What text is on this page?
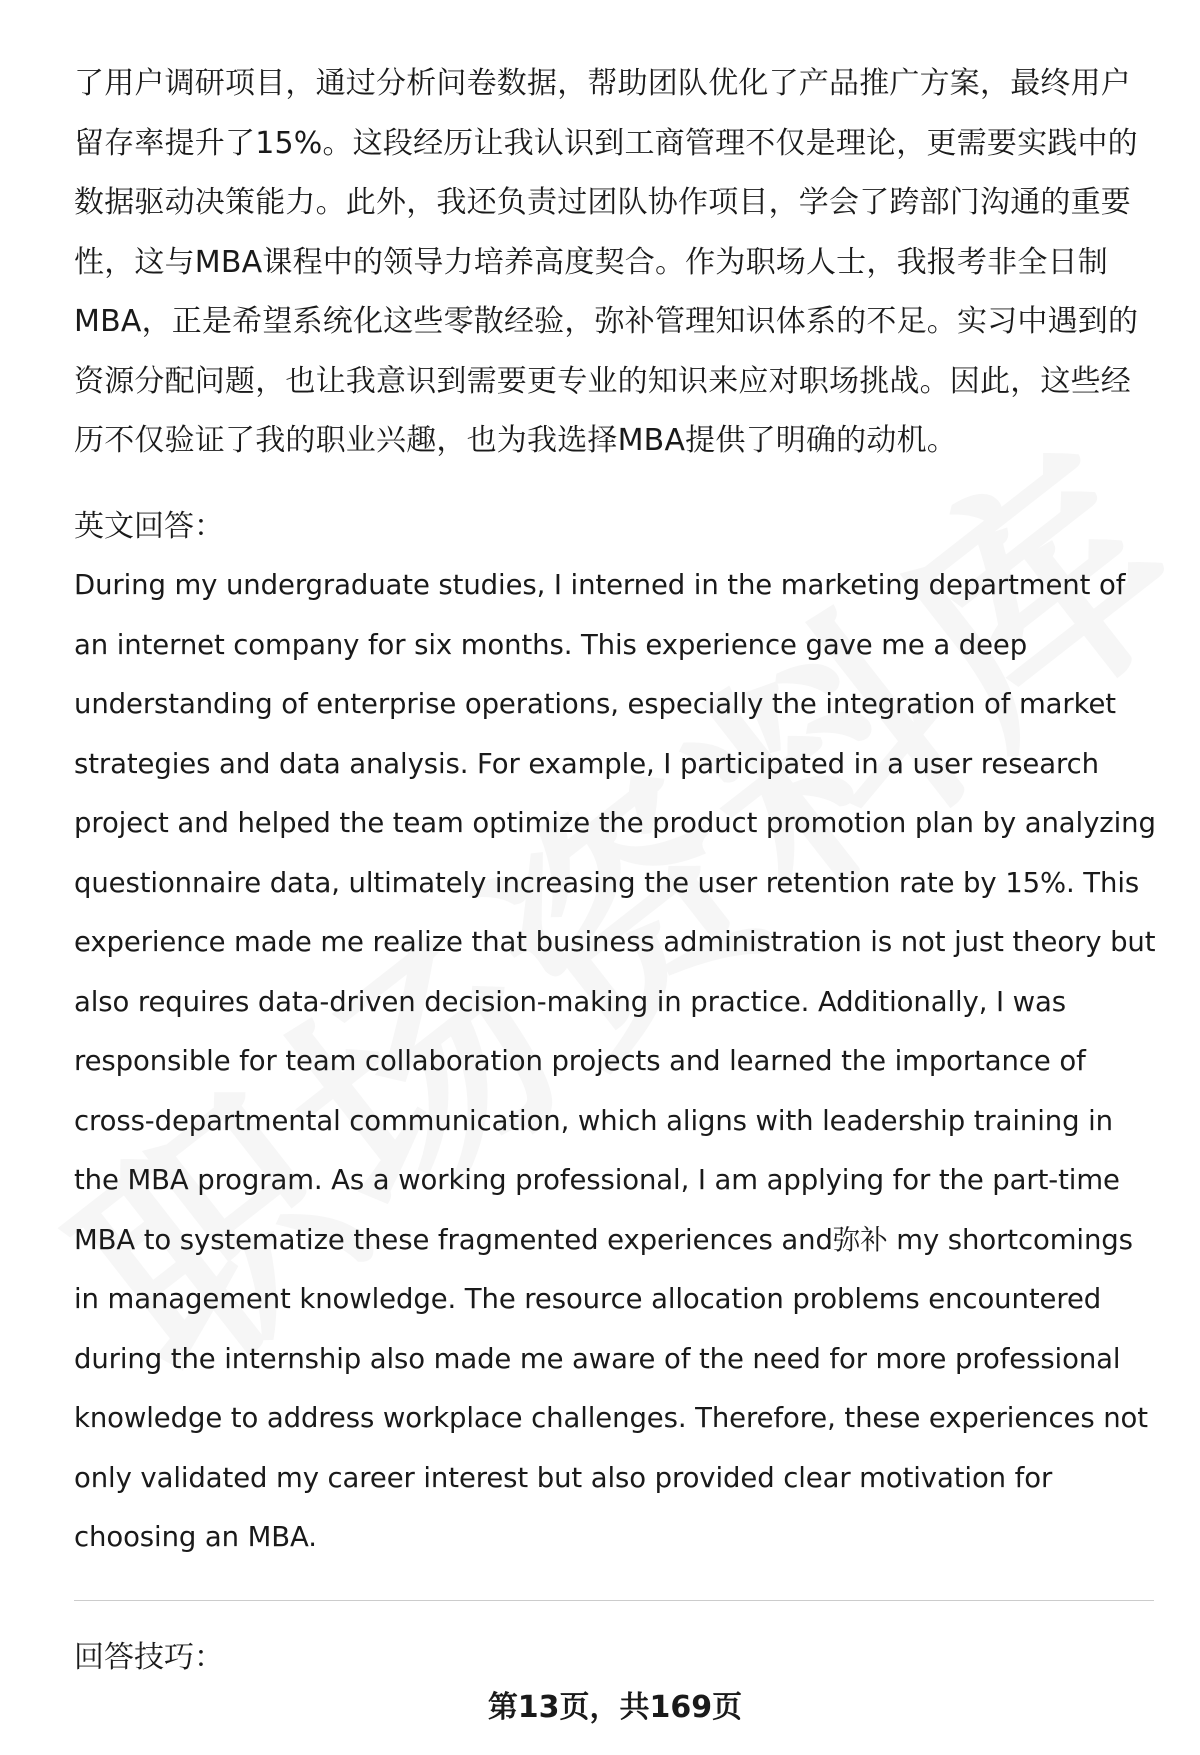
了用户调研项目，通过分析问卷数据，帮助团队优化了产品推广方案，最终用户留存率提升了15%。这段经历让我认识到工商管理不仅是理论，更需要实践中的数据驱动决策能力。此外，我还负责过团队协作项目，学会了跨部门沟通的重要性，这与MBA课程中的领导力培养高度契合。作为职场人士，我报考非全日制MBA，正是希望系统化这些零散经验，弥补管理知识体系的不足。实习中遇到的资源分配问题，也让我意识到需要更专业的知识来应对职场挑战。因此，这些经历不仅验证了我的职业兴趣，也为我选择MBA提供了明确的动机。

英文回答：

During my undergraduate studies, I interned in the marketing department of an internet company for six months. This experience gave me a deep understanding of enterprise operations, especially the integration of market strategies and data analysis. For example, I participated in a user research project and helped the team optimize the product promotion plan by analyzing questionnaire data, ultimately increasing the user retention rate by 15%. This experience made me realize that business administration is not just theory but also requires data-driven decision-making in practice. Additionally, I was responsible for team collaboration projects and learned the importance of cross-departmental communication, which aligns with leadership training in the MBA program. As a working professional, I am applying for the part-time MBA to systematize these fragmented experiences and弥补 my shortcomings in management knowledge. The resource allocation problems encountered during the internship also made me aware of the need for more professional knowledge to address workplace challenges. Therefore, these experiences not only validated my career interest but also provided clear motivation for choosing an MBA.

回答技巧：

第13页，共169页
